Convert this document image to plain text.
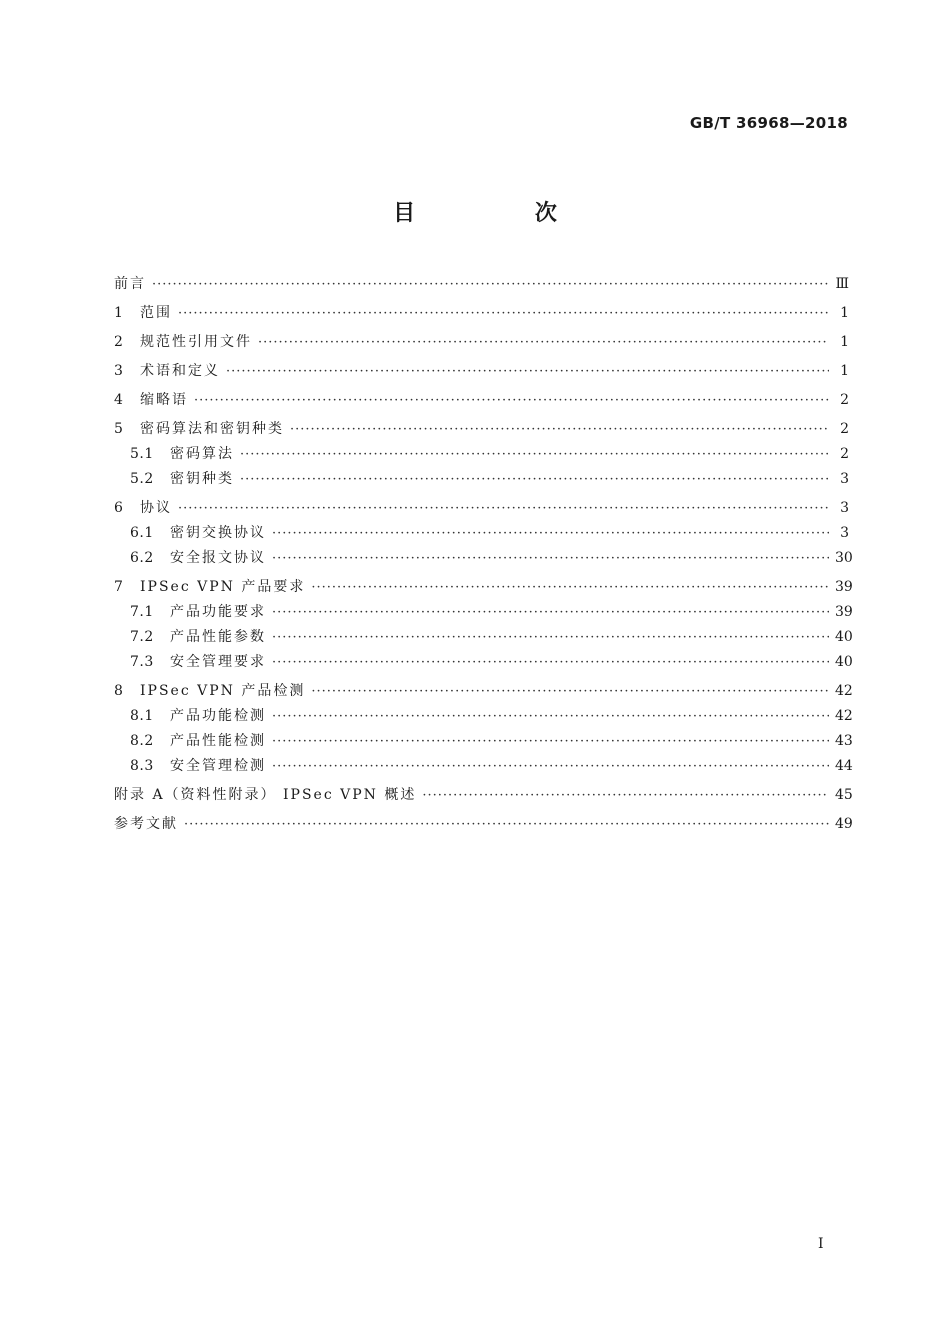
GB/T 36968—2018
目 次
前言 ·····	Ⅲ
1	范围 ·····	1
2	规范性引用文件 ·····	1
3	术语和定义 ·····	1
4	缩略语 ·····	2
5	密码算法和密钥种类 ·····	2
5.1	密码算法 ·····	2
5.2	密钥种类 ·····	3
6	协议 ·····	3
6.1	密钥交换协议 ·····	3
6.2	安全报文协议 ·····	30
7	IPSec VPN 产品要求 ·····	39
7.1	产品功能要求 ·····	39
7.2	产品性能参数 ·····	40
7.3	安全管理要求 ·····	40
8	IPSec VPN 产品检测 ·····	42
8.1	产品功能检测 ·····	42
8.2	产品性能检测 ·····	43
8.3	安全管理检测 ·····	44
附录 A（资料性附录） IPSec VPN 概述 ·····	45
参考文献 ·····	49
I
